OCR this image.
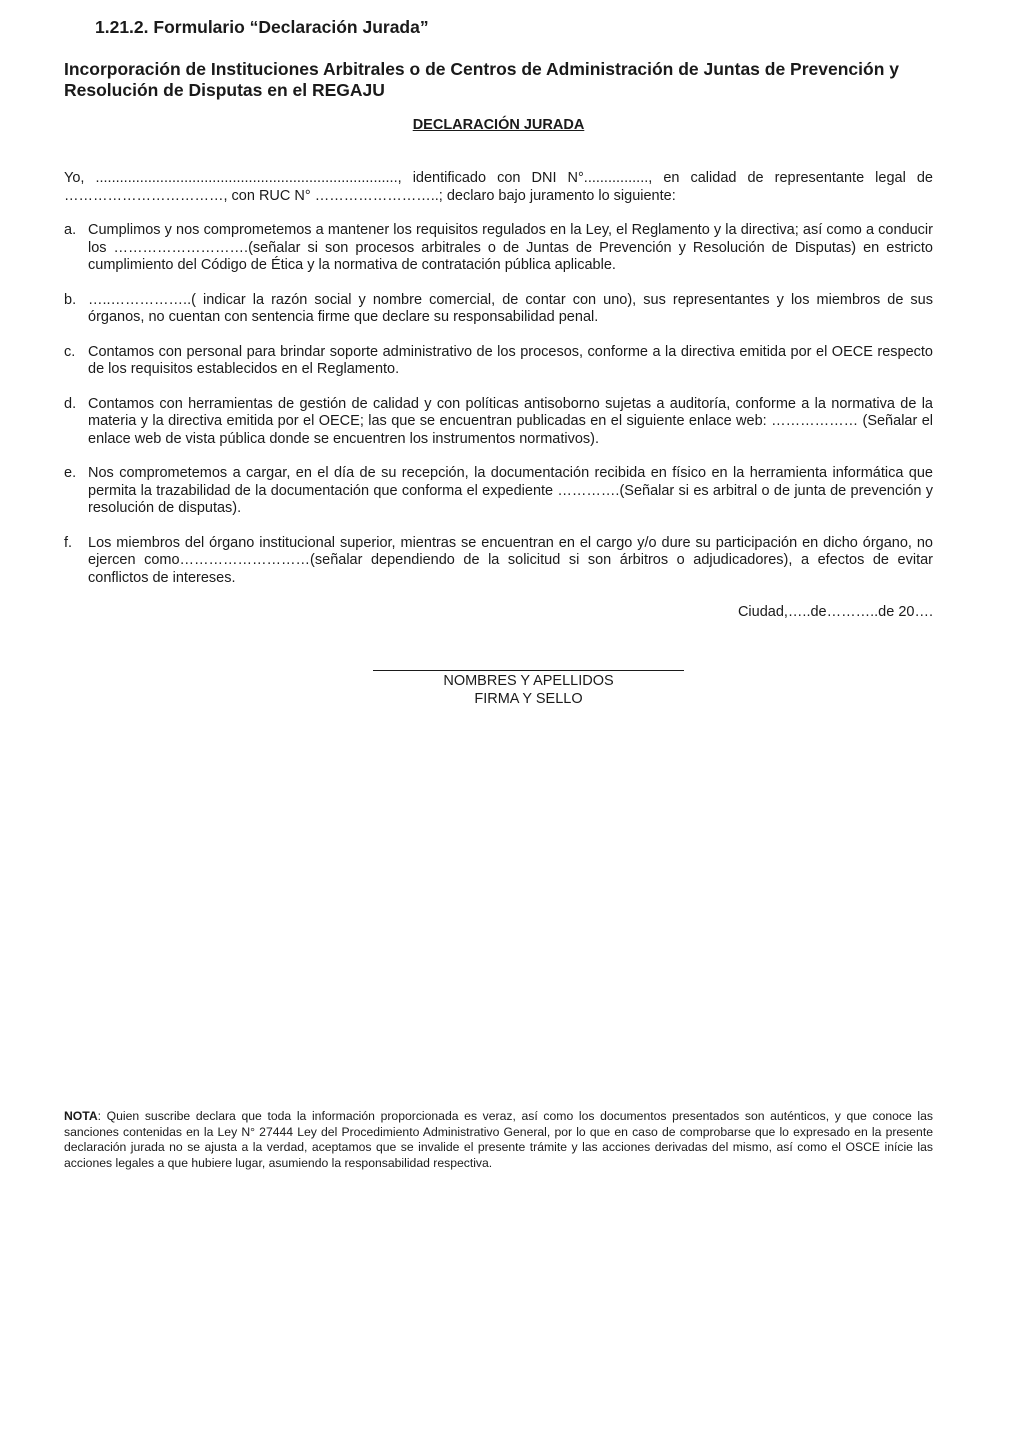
1.21.2. Formulario “Declaración Jurada”
Incorporación de Instituciones Arbitrales o de Centros de Administración de Juntas de Prevención y Resolución de Disputas en el REGAJU

DECLARACIÓN JURADA

Yo, ..........................................................................., identificado con DNI N°................, en calidad de representante legal de ……………………………, con RUC N° ……………………..; declaro bajo juramento lo siguiente:

a. Cumplimos y nos comprometemos a mantener los requisitos regulados en la Ley, el Reglamento y la directiva; así como a conducir los ……………………….(señalar si son procesos arbitrales o de Juntas de Prevención y Resolución de Disputas) en estricto cumplimiento del Código de Ética y la normativa de contratación pública aplicable.
b. …..……………..( indicar la razón social y nombre comercial, de contar con uno), sus representantes y los miembros de sus órganos, no cuentan con sentencia firme que declare su responsabilidad penal.
c. Contamos con personal para brindar soporte administrativo de los procesos, conforme a la directiva emitida por el OECE respecto de los requisitos establecidos en el Reglamento.
d. Contamos con herramientas de gestión de calidad y con políticas antisoborno sujetas a auditoría, conforme a la normativa de la materia y la directiva emitida por el OECE; las que se encuentran publicadas en el siguiente enlace web: ……………… (Señalar el enlace web de vista pública donde se encuentren los instrumentos normativos).
e. Nos comprometemos a cargar, en el día de su recepción, la documentación recibida en físico en la herramienta informática que permita la trazabilidad de la documentación que conforma el expediente ………….(Señalar si es arbitral o de junta de prevención y resolución de disputas).
f. Los miembros del órgano institucional superior, mientras se encuentran en el cargo y/o dure su participación en dicho órgano, no ejercen como………………………(señalar dependiendo de la solicitud si son árbitros o adjudicadores), a efectos de evitar conflictos de intereses.

Ciudad,…..de………..de 20….

NOMBRES Y APELLIDOS
FIRMA Y SELLO

NOTA: Quien suscribe declara que toda la información proporcionada es veraz, así como los documentos presentados son auténticos, y que conoce las sanciones contenidas en la Ley N° 27444 Ley del Procedimiento Administrativo General, por lo que en caso de comprobarse que lo expresado en la presente declaración jurada no se ajusta a la verdad, aceptamos que se invalide el presente trámite y las acciones derivadas del mismo, así como el OSCE inície las acciones legales a que hubiere lugar, asumiendo la responsabilidad respectiva.
